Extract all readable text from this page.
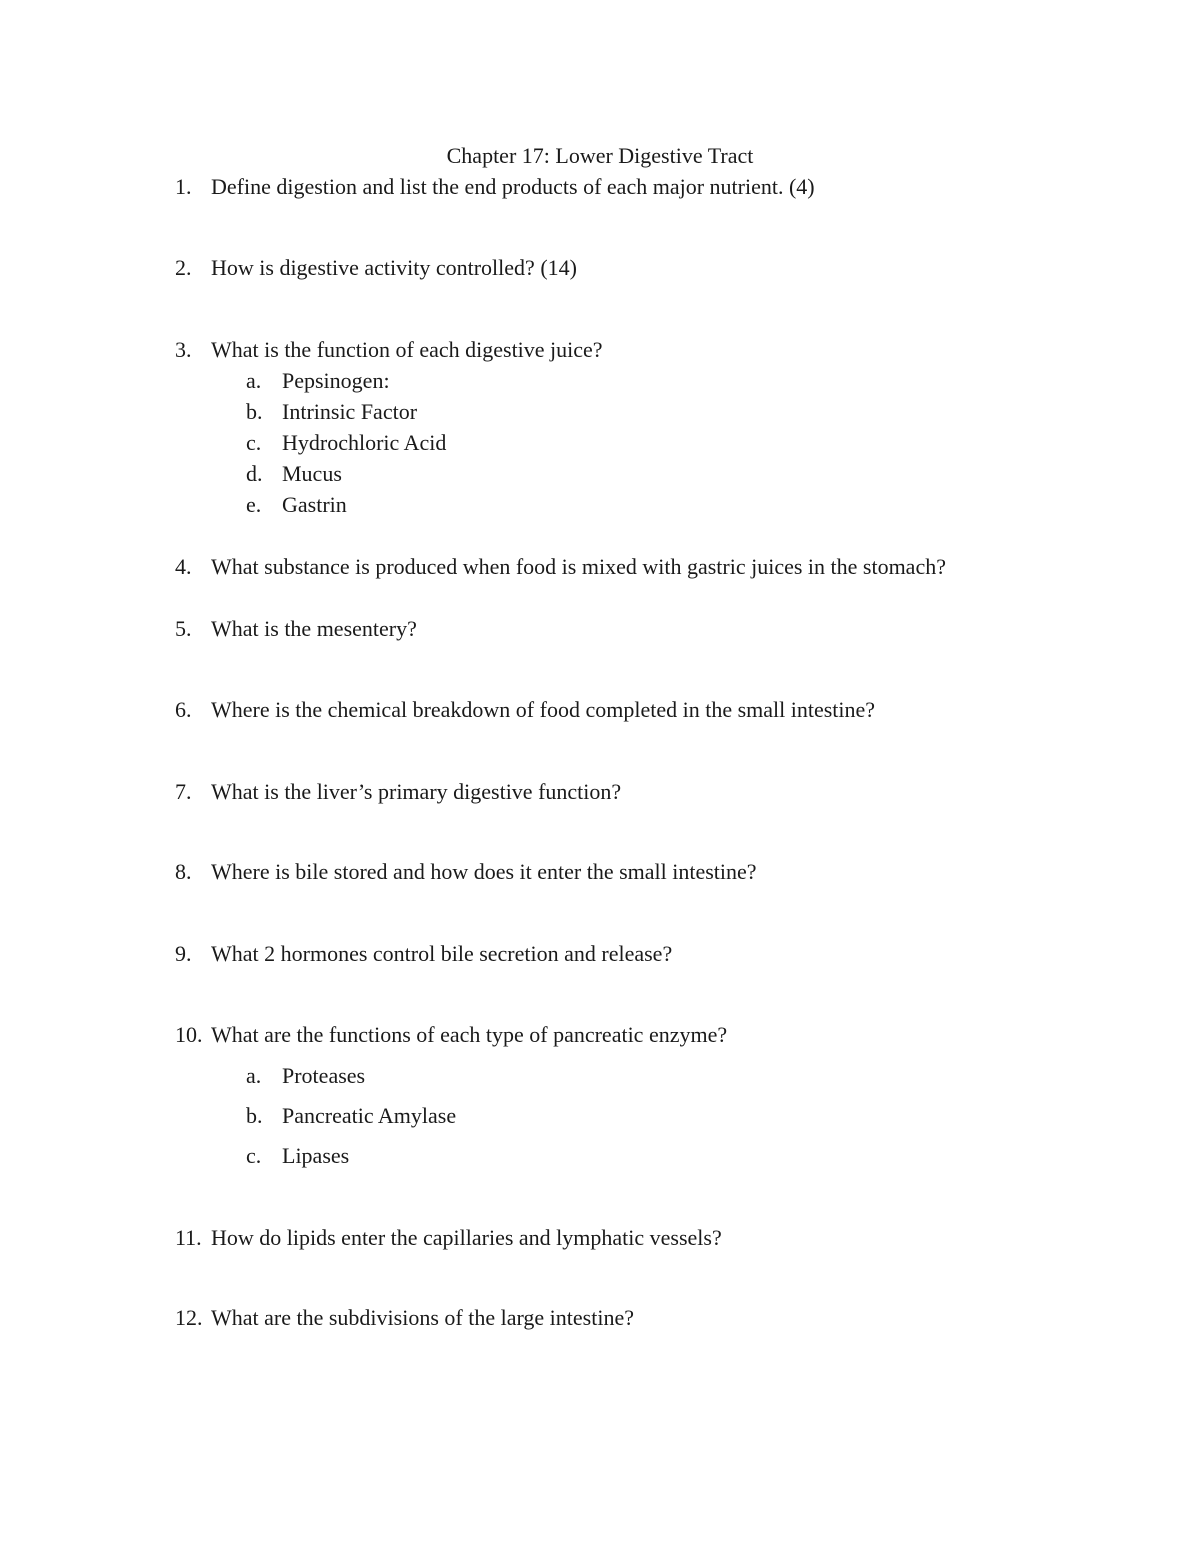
Chapter 17: Lower Digestive Tract
1. Define digestion and list the end products of each major nutrient. (4)
2. How is digestive activity controlled? (14)
3. What is the function of each digestive juice?
a. Pepsinogen:
b. Intrinsic Factor
c. Hydrochloric Acid
d. Mucus
e. Gastrin
4. What substance is produced when food is mixed with gastric juices in the stomach?
5. What is the mesentery?
6. Where is the chemical breakdown of food completed in the small intestine?
7. What is the liver’s primary digestive function?
8. Where is bile stored and how does it enter the small intestine?
9. What 2 hormones control bile secretion and release?
10. What are the functions of each type of pancreatic enzyme?
a. Proteases
b. Pancreatic Amylase
c. Lipases
11. How do lipids enter the capillaries and lymphatic vessels?
12. What are the subdivisions of the large intestine?
